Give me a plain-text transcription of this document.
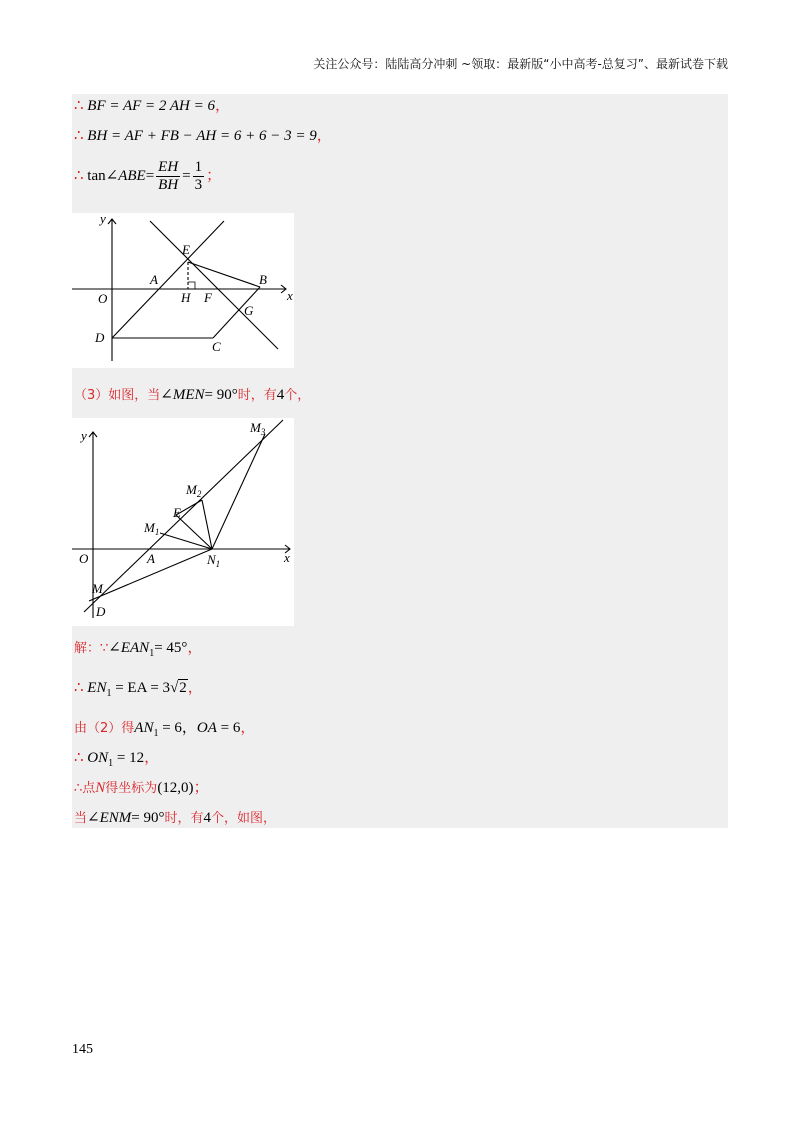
关注公众号：陆陆高分冲刺 ~领取：最新版“小中高考-总复习”、最新试卷下载
∴ BF = AF = 2 AH = 6，
∴ BH = AF + FB − AH = 6 + 6 − 3 = 9，
∴ tan∠ABE= $\frac{EH}{BH} = \frac{1}{3}$ ；
y
x
O
A
E
B
H F
G
D
C
（3）如图，当∠MEN= 90°时，有4个，
y
x
O	A
E
$M_3$
$M_2$
$M_1$
$N_1$
M
D
解：$\because\angle EAN_1= 45^\circ$，
∴ $EN_1$ = EA = 3√2，
由（2）得$AN_1 = 6$，OA = 6，
∴ $ON_1 = 12$，
∴点N得坐标为(12,0)；
当∠ENM= 90°时，有4个，如图，
145
